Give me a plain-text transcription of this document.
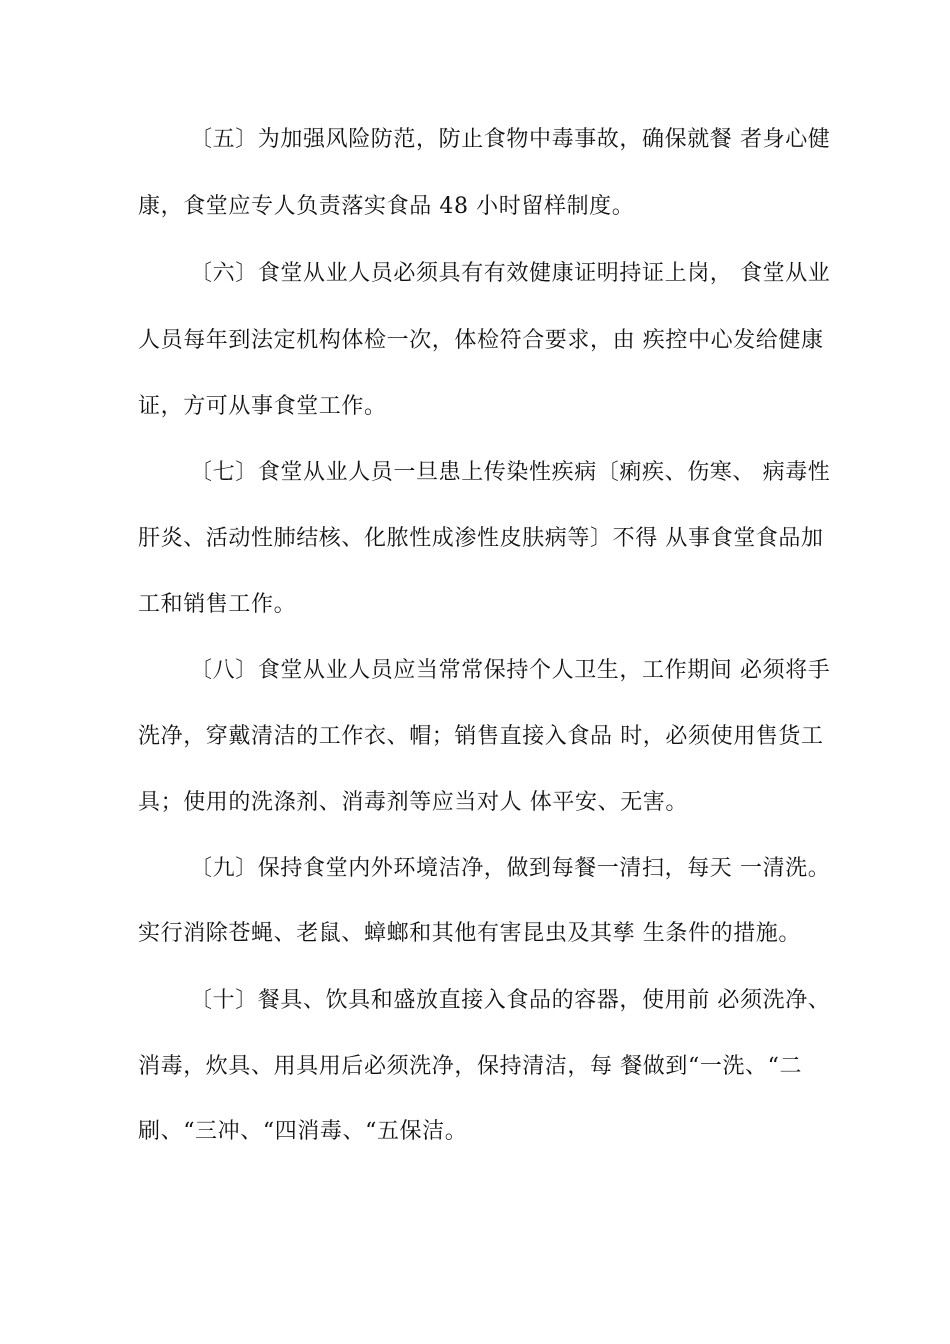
〔五〕为加强风险防范，防止食物中毒事故，确保就餐 者身心健
康，食堂应专人负责落实食品 48 小时留样制度。
〔六〕食堂从业人员必须具有有效健康证明持证上岗， 食堂从业
人员每年到法定机构体检一次，体检符合要求，由 疾控中心发给健康
证，方可从事食堂工作。
〔七〕食堂从业人员一旦患上传染性疾病〔痢疾、伤寒、 病毒性
肝炎、活动性肺结核、化脓性成渗性皮肤病等〕不得 从事食堂食品加
工和销售工作。
〔八〕食堂从业人员应当常常保持个人卫生，工作期间 必须将手
洗净，穿戴清洁的工作衣、帽；销售直接入食品 时，必须使用售货工
具；使用的洗涤剂、消毒剂等应当对人 体平安、无害。
〔九〕保持食堂内外环境洁净，做到每餐一清扫，每天 一清洗。
实行消除苍蝇、老鼠、蟑螂和其他有害昆虫及其孳 生条件的措施。
〔十〕餐具、饮具和盛放直接入食品的容器，使用前 必须洗净、
消毒，炊具、用具用后必须洗净，保持清洁，每 餐做到“一洗、“二
刷、“三冲、“四消毒、“五保洁。
